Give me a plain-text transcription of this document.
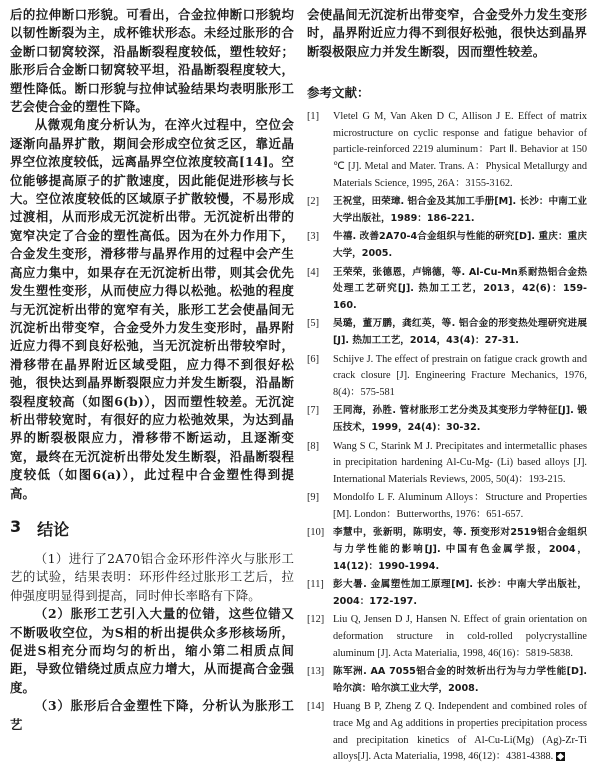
后的拉伸断口形貌。可看出，合金拉伸断口形貌均以韧性断裂为主，成杯锥状形态。未经过胀形的合金断口韧窝较深，沿晶断裂程度较低，塑性较好；胀形后合金断口韧窝较平坦，沿晶断裂程度较大，塑性降低。断口形貌与拉伸试验结果均表明胀形工艺会使合金的塑性下降。

从微观角度分析认为，在淬火过程中，空位会逐渐向晶界扩散，期间会形成空位贫乏区，靠近晶界空位浓度较低，远离晶界空位浓度较高[14]。空位能够提高原子的扩散速度，因此能促进形核与长大。空位浓度较低的区域原子扩散较慢，不易形成过渡相，从而形成无沉淀析出带。无沉淀析出带的宽窄决定了合金的塑性高低。因为在外力作用下，合金发生变形，滑移带与晶界作用的过程中会产生高应力集中，如果存在无沉淀析出带，则其会优先发生塑性变形，从而使应力得以松弛。松弛的程度与无沉淀析出带的宽窄有关，胀形工艺会使晶间无沉淀析出带变窄，合金受外力发生变形时，晶界附近应力得不到良好松弛，当无沉淀析出带较窄时，滑移带在晶界附近区域受阻，应力得不到很好松弛，很快达到晶界断裂限应力并发生断裂，沿晶断裂程度较高（如图6(b)），因而塑性较差。无沉淀析出带较宽时，有很好的应力松弛效果，为达到晶界的断裂极限应力，滑移带不断运动，且逐渐变宽，最终在无沉淀析出带处发生断裂，沿晶断裂程度较低（如图6(a)），此过程中合金塑性得到提高。

3 结论

（1）进行了2A70铝合金环形件淬火与胀形工艺的试验，结果表明：环形件经过胀形工艺后，拉伸强度明显得到提高，同时伸长率略有下降。

（2）胀形工艺引入大量的位错，这些位错又不断吸收空位，为S相的析出提供众多形核场所，促进S相充分而均匀的析出，缩小第二相质点间距，导致位错绕过质点应力增大，从而提高合金强度。

（3）胀形后合金塑性下降，分析认为胀形工艺

会使晶间无沉淀析出带变窄，合金受外力发生变形时，晶界附近应力得不到很好松弛，很快达到晶界断裂极限应力并发生断裂，因而塑性较差。

参考文献：
[1]	Vletel G M, Van Aken D C, Allison J E. Effect of matrix microstructure on cyclic response and fatigue behavior of particle-reinforced 2219 aluminum：Part Ⅱ. Behavior at 150 ℃ [J]. Metal and Mater. Trans. A：Physical Metallurgy and Materials Science, 1995, 26A：3155-3162.
[2]	王祝堂，田荣璋. 铝合金及其加工手册[M]. 长沙：中南工业大学出版社，1989：186-221.
[3]	牛禧. 改善2A70-4合金组织与性能的研究[D]. 重庆：重庆大学，2005.
[4]	王荣荣，张德恩，卢锦德，等. Al-Cu-Mn系耐热铝合金热处理工艺研究[J]. 热加工工艺，2013，42(6)：159-160.
[5]	吴璐，董万鹏，龚红英，等. 铝合金的形变热处理研究进展[J]. 热加工工艺，2014，43(4)：27-31.
[6]	Schijve J. The effect of prestrain on fatigue crack growth and crack closure [J]. Engineering Fracture Mechanics, 1976, 8(4)：575-581
[7]	王同海，孙胜. 管材胀形工艺分类及其变形力学特征[J]. 锻压技术，1999，24(4)：30-32.
[8]	Wang S C, Starink M J. Precipitates and intermetallic phases in precipitation hardening Al-Cu-Mg- (Li) based alloys [J]. International Materials Reviews, 2005, 50(4)：193-215.
[9]	Mondolfo L F. Aluminum Alloys：Structure and Properties [M]. London：Butterworths, 1976：651-657.
[10] 李慧中，张新明，陈明安，等. 预变形对2519铝合金组织与力学性能的影响[J]. 中国有色金属学报，2004，14(12)：1990-1994.
[11] 彭大暑. 金属塑性加工原理[M]. 长沙：中南大学出版社，2004：172-197.
[12] Liu Q, Jensen D J, Hansen N. Effect of grain orientation on deformation structure in cold-rolled polycrystalline aluminum [J]. Acta Materialia, 1998, 46(16)：5819-5838.
[13] 陈军洲. AA 7055铝合金的时效析出行为与力学性能[D]. 哈尔滨：哈尔滨工业大学，2008.
[14] Huang B P, Zheng Z Q. Independent and combined roles of trace Mg and Ag additions in properties precipitation process and precipitation kinetics of Al-Cu-Li(Mg) (Ag)-Zr-Ti alloys[J]. Acta Materialia, 1998, 46(12)：4381-4388.
